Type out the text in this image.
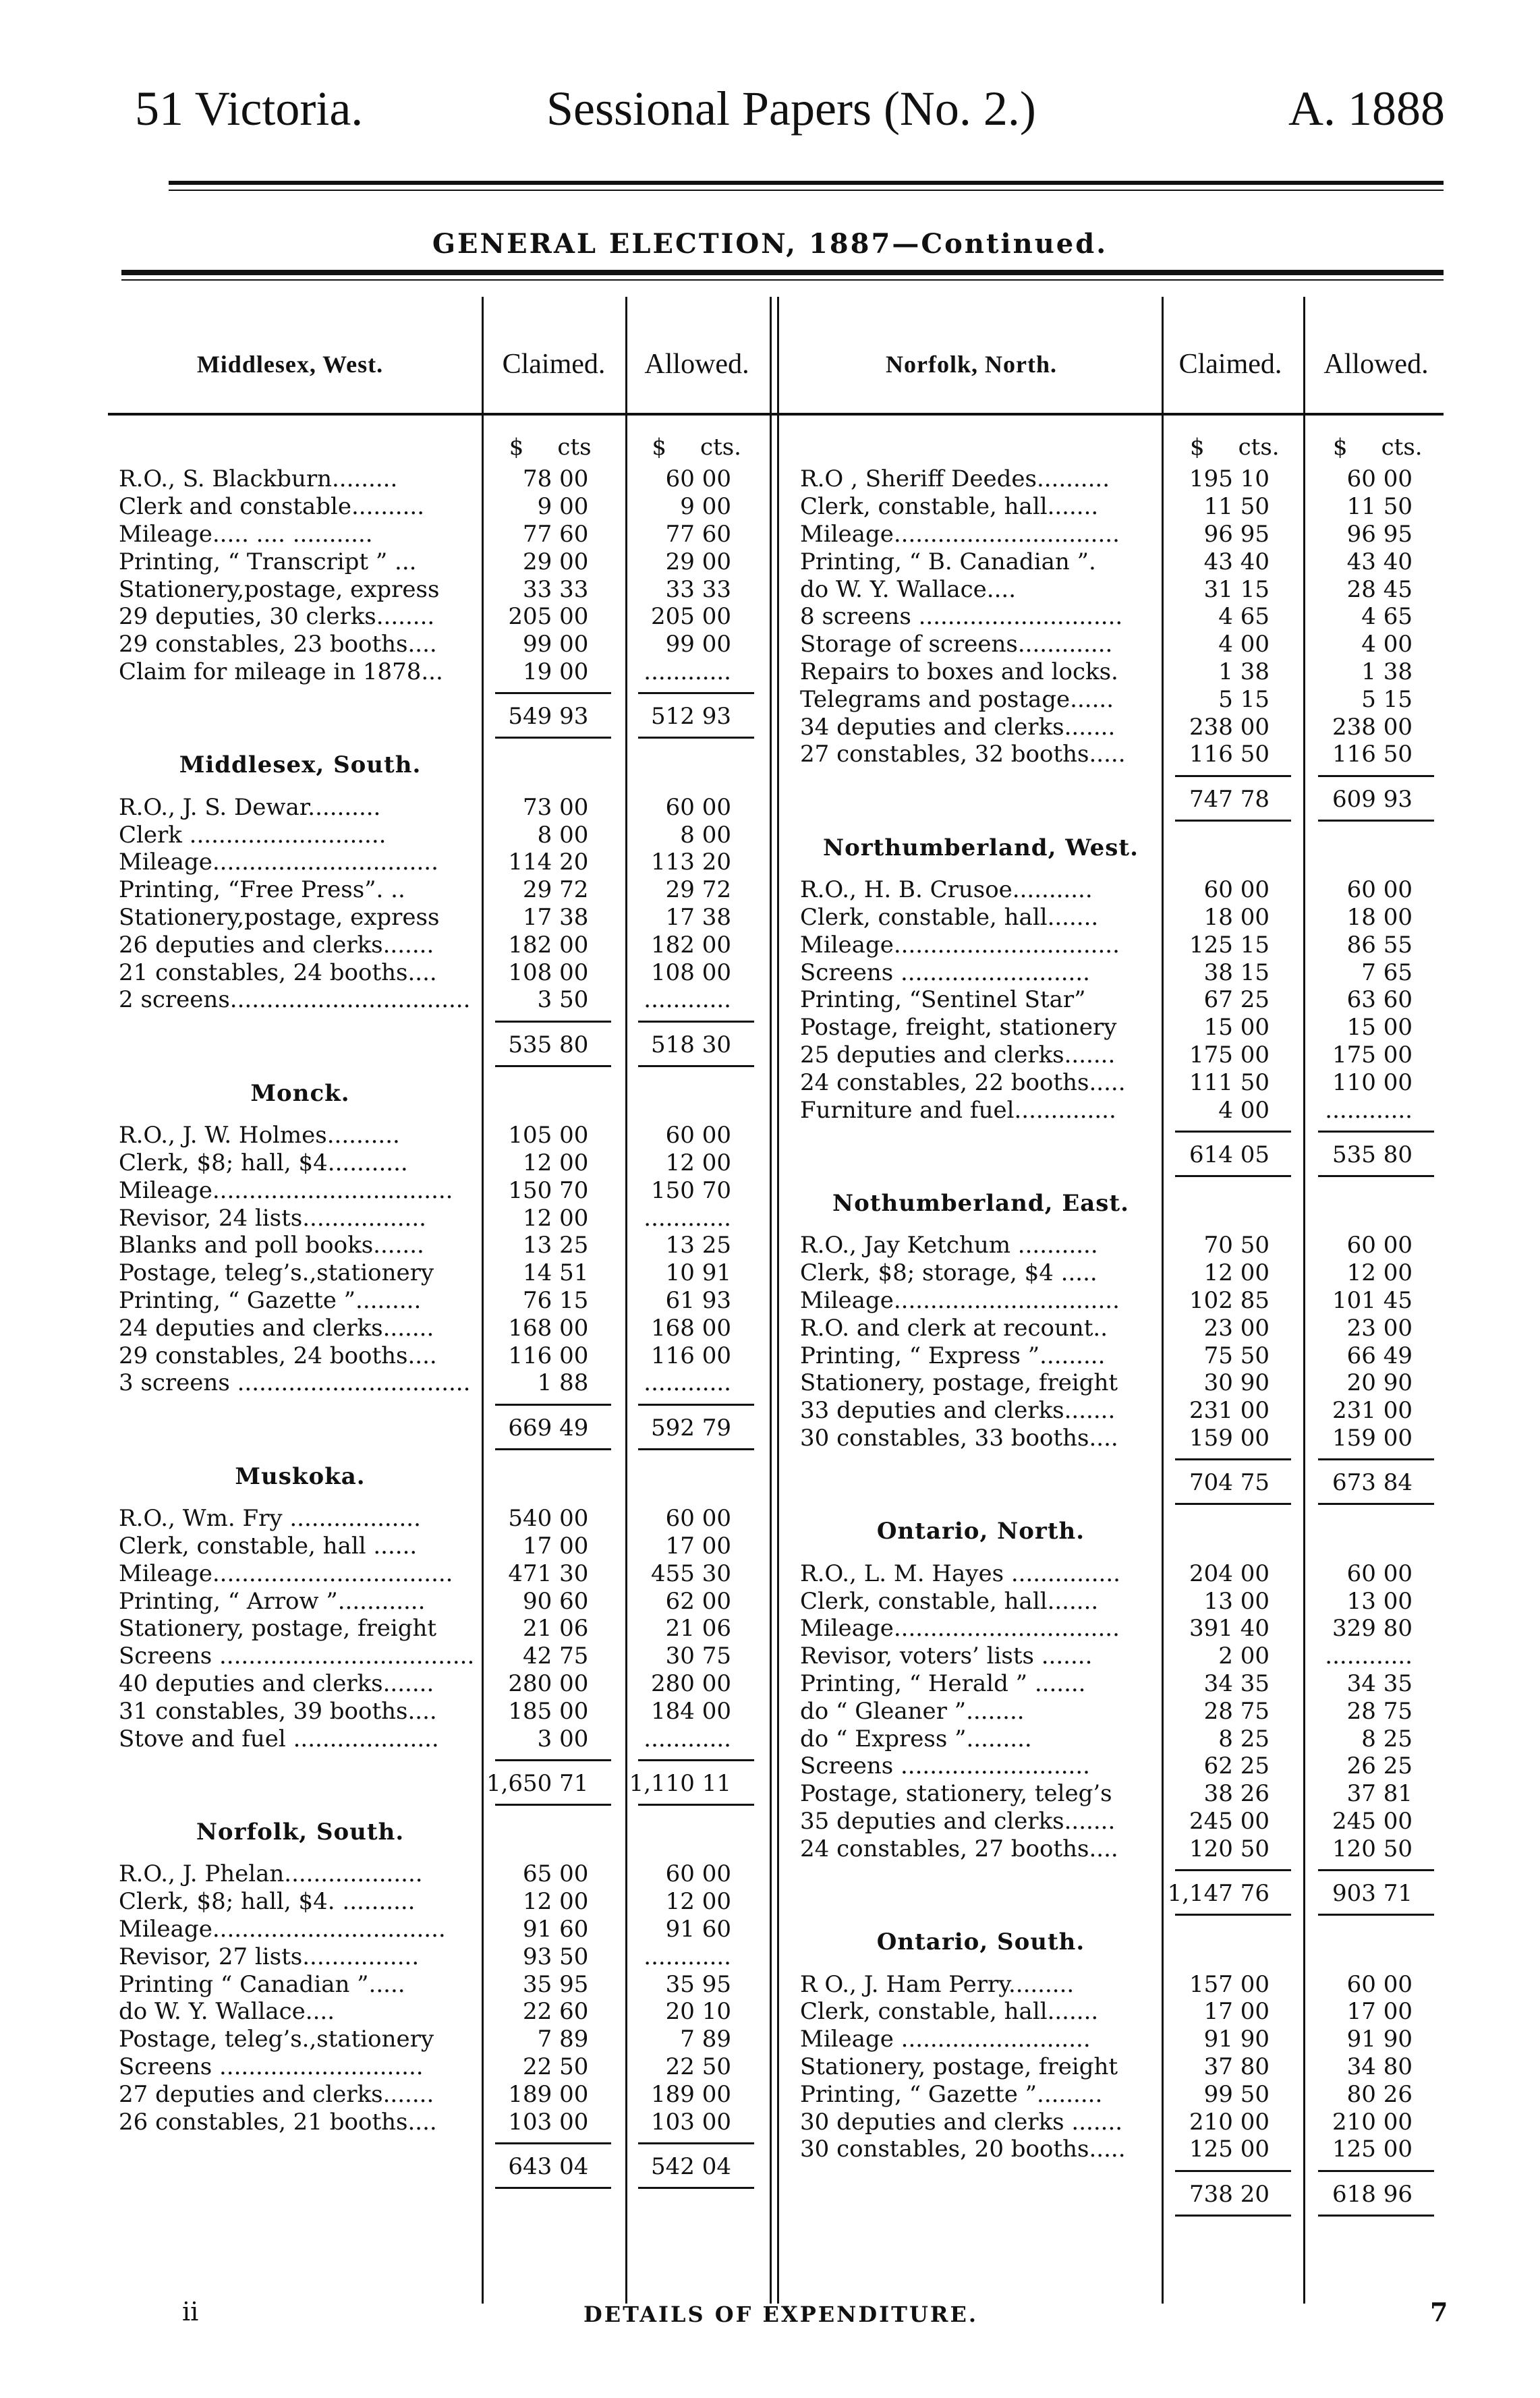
51 Victoria.	Sessional Papers (No. 2.)	A. 1888
GENERAL ELECTION, 1887—Continued.
Middlesex, West.	Claimed.	Allowed.	Norfolk, North.	Claimed.	Allowed.
$ cts	$ cts.
R.O., S. Blackburn.........	78 00	60 00
Clerk and constable..........	9 00	9 00
Mileage..... .... ...........	77 60	77 60
Printing, “ Transcript ” ...	29 00	29 00
Stationery,postage, express	33 33	33 33
29 deputies, 30 clerks........	205 00	205 00
29 constables, 23 booths....	99 00	99 00
Claim for mileage in 1878...	19 00	............
549 93	512 93
Middlesex, South.
R.O., J. S. Dewar..........	73 00	60 00
Clerk ...........................	8 00	8 00
Mileage...............................	114 20	113 20
Printing, “Free Press”. ..	29 72	29 72
Stationery,postage, express	17 38	17 38
26 deputies and clerks.......	182 00	182 00
21 constables, 24 booths....	108 00	108 00
2 screens.................................	3 50	............
535 80	518 30
Monck.
R.O., J. W. Holmes..........	105 00	60 00
Clerk, $8; hall, $4...........	12 00	12 00
Mileage.................................	150 70	150 70
Revisor, 24 lists.................	12 00	............
Blanks and poll books.......	13 25	13 25
Postage, teleg’s.,stationery	14 51	10 91
Printing, “ Gazette ”.........	76 15	61 93
24 deputies and clerks.......	168 00	168 00
29 constables, 24 booths....	116 00	116 00
3 screens ................................	1 88	............
669 49	592 79
Muskoka.
R.O., Wm. Fry ..................	540 00	60 00
Clerk, constable, hall ......	17 00	17 00
Mileage.................................	471 30	455 30
Printing, “ Arrow ”............	90 60	62 00
Stationery, postage, freight	21 06	21 06
Screens ...................................	42 75	30 75
40 deputies and clerks.......	280 00	280 00
31 constables, 39 booths....	185 00	184 00
Stove and fuel ....................	3 00	............
1,650 71	1,110 11
Norfolk, South.
R.O., J. Phelan...................	65 00	60 00
Clerk, $8; hall, $4. ..........	12 00	12 00
Mileage................................	91 60	91 60
Revisor, 27 lists................	93 50	............
Printing “ Canadian ”.....	35 95	35 95
do W. Y. Wallace....	22 60	20 10
Postage, teleg’s.,stationery	7 89	7 89
Screens ............................	22 50	22 50
27 deputies and clerks.......	189 00	189 00
26 constables, 21 booths....	103 00	103 00
643 04	542 04
$ cts. $ cts.
R.O , Sheriff Deedes..........	195 10	60 00
Clerk, constable, hall.......	11 50	11 50
Mileage...............................	96 95	96 95
Printing, “ B. Canadian ”.	43 40	43 40
do W. Y. Wallace....	31 15	28 45
8 screens ............................	4 65	4 65
Storage of screens.............	4 00	4 00
Repairs to boxes and locks.	1 38	1 38
Telegrams and postage......	5 15	5 15
34 deputies and clerks.......	238 00	238 00
27 constables, 32 booths.....	116 50	116 50
747 78	609 93
Northumberland, West.
R.O., H. B. Crusoe...........	60 00	60 00
Clerk, constable, hall.......	18 00	18 00
Mileage...............................	125 15	86 55
Screens ..........................	38 15	7 65
Printing, “Sentinel Star”	67 25	63 60
Postage, freight, stationery	15 00	15 00
25 deputies and clerks.......	175 00	175 00
24 constables, 22 booths.....	111 50	110 00
Furniture and fuel..............	4 00	............
614 05	535 80
Nothumberland, East.
R.O., Jay Ketchum ...........	70 50	60 00
Clerk, $8; storage, $4 .....	12 00	12 00
Mileage...............................	102 85	101 45
R.O. and clerk at recount..	23 00	23 00
Printing, “ Express ”.........	75 50	66 49
Stationery, postage, freight	30 90	20 90
33 deputies and clerks.......	231 00	231 00
30 constables, 33 booths....	159 00	159 00
704 75	673 84
Ontario, North.
R.O., L. M. Hayes ...............	204 00	60 00
Clerk, constable, hall.......	13 00	13 00
Mileage...............................	391 40	329 80
Revisor, voters’ lists .......	2 00	............
Printing, “ Herald ” .......	34 35	34 35
do “ Gleaner ”........	28 75	28 75
do “ Express ”.........	8 25	8 25
Screens ..........................	62 25	26 25
Postage, stationery, teleg’s	38 26	37 81
35 deputies and clerks.......	245 00	245 00
24 constables, 27 booths....	120 50	120 50
1,147 76	903 71
Ontario, South.
R O., J. Ham Perry.........	157 00	60 00
Clerk, constable, hall.......	17 00	17 00
Mileage ..........................	91 90	91 90
Stationery, postage, freight	37 80	34 80
Printing, “ Gazette ”.........	99 50	80 26
30 deputies and clerks .......	210 00	210 00
30 constables, 20 booths.....	125 00	125 00
738 20	618 96
ii	DETAILS OF EXPENDITURE.	7
